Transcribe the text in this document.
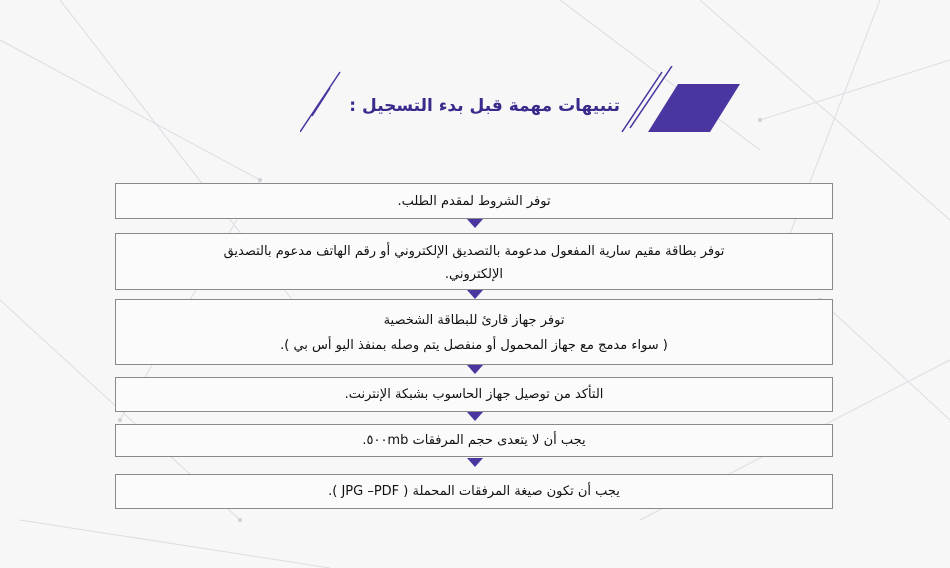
تنبيهات مهمة قبل بدء التسجيل :
توفر الشروط لمقدم الطلب.
توفر بطاقة مقيم سارية المفعول مدعومة بالتصديق الإلكتروني أو رقم الهاتف مدعوم بالتصديق
الإلكتروني.
توفر جهاز قارئ للبطاقة الشخصية
( سواء مدمج مع جهاز المحمول أو منفصل يتم وصله بمنفذ اليو أس بي ).
التأكد من توصيل جهاز الحاسوب بشبكة الإنترنت.
يجب أن لا يتعدى حجم المرفقات ٥٠٠mb.
يجب أن تكون صيغة المرفقات المحملة ( JPG –PDF ).
